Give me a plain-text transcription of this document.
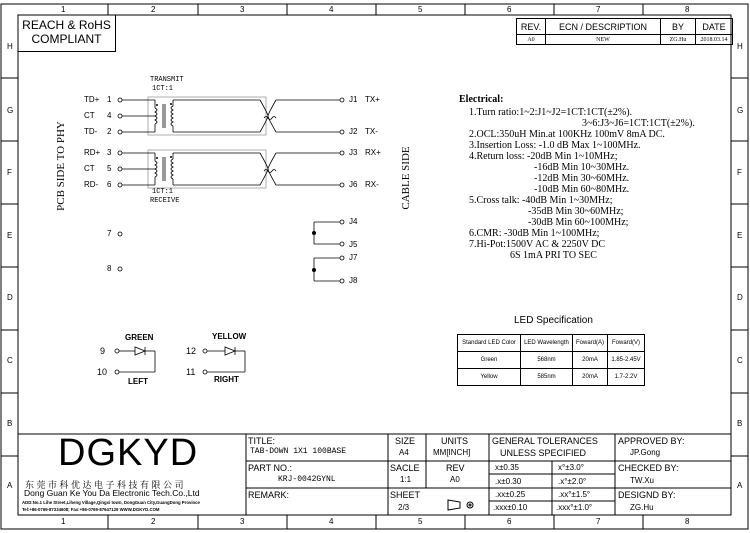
1	2	3	4	5	6	7	8
1	2	3	4	5	6	7	8
H
G
F
E
D
C
B
A
H
G
F
E
D
C
B
A
REACH & RoHS
COMPLIANT
REV.	ECN / DESCRIPTION	BY	DATE
A0	NEW	ZG.Hu	2018.03.14
TRANSMIT
1CT:1
1CT:1
RECEIVE
PCB SIDE TO PHY	CABLE SIDE
TD+ 1
CT 4
TD- 2
RD+ 3
CT 5
RD- 6
J1 TX+
J2 TX-
J3 RX+
J6 RX-
7
8
J4
J5
J7
J8
GREEN	YELLOW
9
10
12
11
LEFT	RIGHT
Electrical:
1.Turn ratio:1~2:J1~J2=1CT:1CT(±2%).
3~6:J3~J6=1CT:1CT(±2%).
2.OCL:350uH Min.at 100KHz 100mV 8mA DC.
3.Insertion Loss: -1.0 dB Max 1~100MHz.
4.Return loss: -20dB Min 1~10MHz;
-16dB Min 10~30MHz.
-12dB Min 30~60MHz.
-10dB Min 60~80MHz.
5.Cross talk: -40dB Min 1~30MHz;
-35dB Min 30~60MHz;
-30dB Min 60~100MHz;
6.CMR: -30dB Min 1~100MHz;
7.Hi-Pot:1500V AC & 2250V DC
6S 1mA PRI TO SEC
LED Specification
Standard LED Color	LED Wavelength	Foward(A)	Foward(V)
Green	568nm	20mA	1.85-2.45V
Yellow	585nm	20mA	1.7-2.2V
DGKYD
东 莞 市 科 优 达 电 子 科 技 有 限 公 司
Dong Guan Ke You Da Electronic Tech.Co.,Ltd
ADD:No.1 Lihe Street,Liheng Village,Qingxi town, DongGuan City,GuangDong Province
Tel:+86-0769-87334608; Fax:+86-0769-87647129 WWW.DGKYD.COM
TITLE:
TAB-DOWN 1X1 100BASE
PART NO.:
KRJ-0042GYNL
REMARK:
SIZE
A4
SACLE
1:1
SHEET
2/3
UNITS
MM[INCH]
REV
A0
GENERAL TOLERANCES
UNLESS SPECIFIED
x±0.35	x°±3.0°
.x±0.30	.x°±2.0°
.xx±0.25	.xx°±1.5°
.xxx±0.10	.xxx°±1.0°
APPROVED BY:
JP.Gong
CHECKED BY:
TW.Xu
DESIGND BY:
ZG.Hu
